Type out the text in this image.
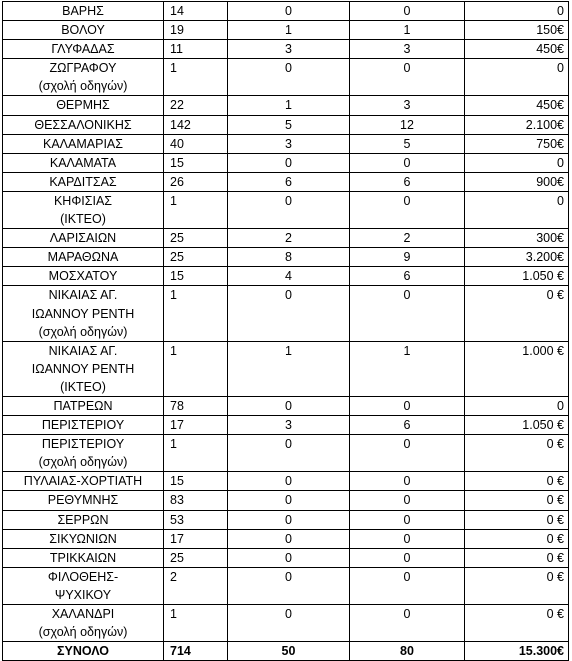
ΒΑΡΗΣ	14	0	0	0

ΒΟΛΟΥ	19	1	1	150€

ΓΛΥΦΑΔΑΣ	11	3	3	450€

ΖΩΓΡΑΦΟΥ
(σχολή οδηγών)	1	0	0	0

ΘΕΡΜΗΣ	22	1	3	450€

ΘΕΣΣΑΛΟΝΙΚΗΣ	142	5	12	2.100€

ΚΑΛΑΜΑΡΙΑΣ	40	3	5	750€

ΚΑΛΑΜΑΤΑ	15	0	0	0

ΚΑΡΔΙΤΣΑΣ	26	6	6	900€

ΚΗΦΙΣΙΑΣ
(ΙΚΤΕΟ)	1	0	0	0

ΛΑΡΙΣΑΙΩΝ	25	2	2	300€

ΜΑΡΑΘΩΝΑ	25	8	9	3.200€

ΜΟΣΧΑΤΟΥ	15	4	6	1.050 €

ΝΙΚΑΙΑΣ ΑΓ.
ΙΩΑΝΝΟΥ ΡΕΝΤΗ
(σχολή οδηγών)	1	0	0	0 €

ΝΙΚΑΙΑΣ ΑΓ.
ΙΩΑΝΝΟΥ ΡΕΝΤΗ
(ΙΚΤΕΟ)	1	1	1	1.000 €

ΠΑΤΡΕΩΝ	78	0	0	0

ΠΕΡΙΣΤΕΡΙΟΥ	17	3	6	1.050 €

ΠΕΡΙΣΤΕΡΙΟΥ
(σχολή οδηγών)	1	0	0	0 €

ΠΥΛΑΙΑΣ-ΧΟΡΤΙΑΤΗ	15	0	0	0 €

ΡΕΘΥΜΝΗΣ	83	0	0	0 €

ΣΕΡΡΩΝ	53	0	0	0 €

ΣΙΚΥΩΝΙΩΝ	17	0	0	0 €

ΤΡΙΚΚΑΙΩΝ	25	0	0	0 €

ΦΙΛΟΘΕΗΣ-
ΨΥΧΙΚΟΥ	2	0	0	0 €

ΧΑΛΑΝΔΡΙ
(σχολή οδηγών)	1	0	0	0 €
ΣΥΝΟΛΟ	714	50	80	15.300€
